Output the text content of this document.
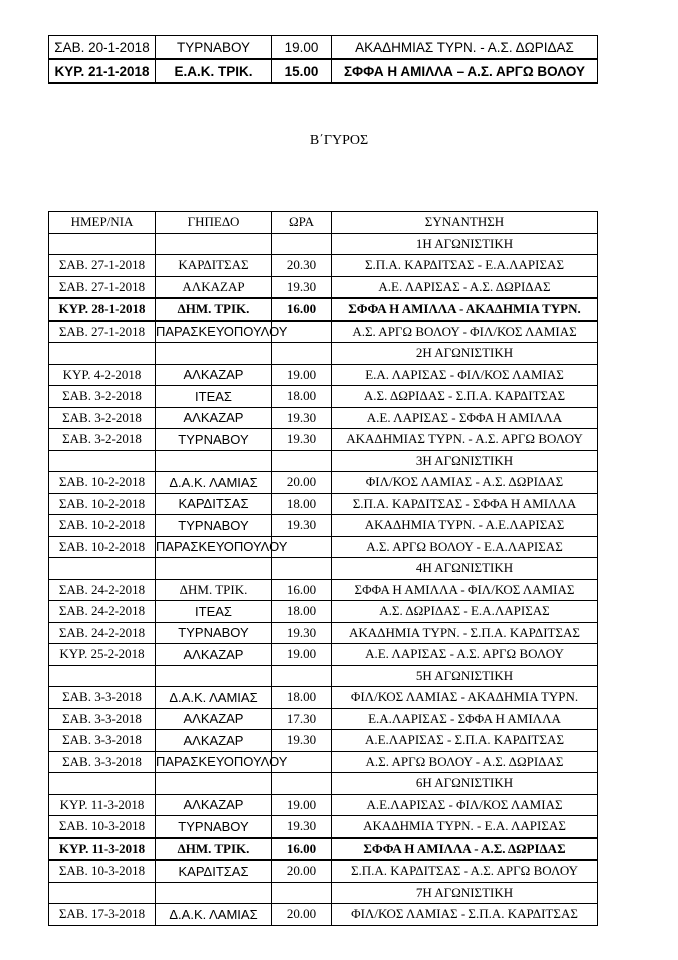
ΣΑΒ. 20-1-2018	ΤΥΡΝΑΒΟΥ	19.00	ΑΚΑΔΗΜΙΑΣ ΤΥΡΝ. - Α.Σ. ΔΩΡΙΔΑΣ
ΚΥΡ. 21-1-2018	Ε.Α.Κ. ΤΡΙΚ.	15.00	ΣΦΦΑ Η ΑΜΙΛΛΑ – Α.Σ. ΑΡΓΩ ΒΟΛΟΥ
Β΄ΓΥΡΟΣ
ΗΜΕΡ/ΝΙΑ	ΓΗΠΕΔΟ	ΩΡΑ	ΣΥΝΑΝΤΗΣΗ
			1Η ΑΓΩΝΙΣΤΙΚΗ
ΣΑΒ. 27-1-2018	ΚΑΡΔΙΤΣΑΣ	20.30	Σ.Π.Α. ΚΑΡΔΙΤΣΑΣ - Ε.Α.ΛΑΡΙΣΑΣ
ΣΑΒ. 27-1-2018	ΑΛΚΑΖΑΡ	19.30	Α.Ε. ΛΑΡΙΣΑΣ - Α.Σ. ΔΩΡΙΔΑΣ
ΚΥΡ. 28-1-2018	ΔΗΜ. ΤΡΙΚ.	16.00	ΣΦΦΑ Η ΑΜΙΛΛΑ - ΑΚΑΔΗΜΙΑ ΤΥΡΝ.
ΣΑΒ. 27-1-2018	ΠΑΡΑΣΚΕΥΟΠΟΥΛΟΥ		Α.Σ. ΑΡΓΩ ΒΟΛΟΥ - ΦΙΛ/ΚΟΣ ΛΑΜΙΑΣ
			2Η ΑΓΩΝΙΣΤΙΚΗ
ΚΥΡ. 4-2-2018	ΑΛΚΑΖΑΡ	19.00	Ε.Α. ΛΑΡΙΣΑΣ - ΦΙΛ/ΚΟΣ ΛΑΜΙΑΣ
ΣΑΒ. 3-2-2018	ΙΤΕΑΣ	18.00	Α.Σ. ΔΩΡΙΔΑΣ - Σ.Π.Α. ΚΑΡΔΙΤΣΑΣ
ΣΑΒ. 3-2-2018	ΑΛΚΑΖΑΡ	19.30	Α.Ε. ΛΑΡΙΣΑΣ - ΣΦΦΑ Η ΑΜΙΛΛΑ
ΣΑΒ. 3-2-2018	ΤΥΡΝΑΒΟΥ	19.30	ΑΚΑΔΗΜΙΑΣ ΤΥΡΝ. - Α.Σ. ΑΡΓΩ ΒΟΛΟΥ
			3Η ΑΓΩΝΙΣΤΙΚΗ
ΣΑΒ. 10-2-2018	Δ.Α.Κ. ΛΑΜΙΑΣ	20.00	ΦΙΛ/ΚΟΣ ΛΑΜΙΑΣ - Α.Σ. ΔΩΡΙΔΑΣ
ΣΑΒ. 10-2-2018	ΚΑΡΔΙΤΣΑΣ	18.00	Σ.Π.Α. ΚΑΡΔΙΤΣΑΣ - ΣΦΦΑ Η ΑΜΙΛΛΑ
ΣΑΒ. 10-2-2018	ΤΥΡΝΑΒΟΥ	19.30	ΑΚΑΔΗΜΙΑ ΤΥΡΝ. - Α.Ε.ΛΑΡΙΣΑΣ
ΣΑΒ. 10-2-2018	ΠΑΡΑΣΚΕΥΟΠΟΥΛΟΥ		Α.Σ. ΑΡΓΩ ΒΟΛΟΥ - Ε.Α.ΛΑΡΙΣΑΣ
			4Η ΑΓΩΝΙΣΤΙΚΗ
ΣΑΒ. 24-2-2018	ΔΗΜ. ΤΡΙΚ.	16.00	ΣΦΦΑ Η ΑΜΙΛΛΑ - ΦΙΛ/ΚΟΣ ΛΑΜΙΑΣ
ΣΑΒ. 24-2-2018	ΙΤΕΑΣ	18.00	Α.Σ. ΔΩΡΙΔΑΣ - Ε.Α.ΛΑΡΙΣΑΣ
ΣΑΒ. 24-2-2018	ΤΥΡΝΑΒΟΥ	19.30	ΑΚΑΔΗΜΙΑ ΤΥΡΝ. - Σ.Π.Α. ΚΑΡΔΙΤΣΑΣ
ΚΥΡ. 25-2-2018	ΑΛΚΑΖΑΡ	19.00	Α.Ε. ΛΑΡΙΣΑΣ - Α.Σ. ΑΡΓΩ ΒΟΛΟΥ
			5Η ΑΓΩΝΙΣΤΙΚΗ
ΣΑΒ. 3-3-2018	Δ.Α.Κ. ΛΑΜΙΑΣ	18.00	ΦΙΛ/ΚΟΣ ΛΑΜΙΑΣ - ΑΚΑΔΗΜΙΑ ΤΥΡΝ.
ΣΑΒ. 3-3-2018	ΑΛΚΑΖΑΡ	17.30	Ε.Α.ΛΑΡΙΣΑΣ - ΣΦΦΑ Η ΑΜΙΛΛΑ
ΣΑΒ. 3-3-2018	ΑΛΚΑΖΑΡ	19.30	Α.Ε.ΛΑΡΙΣΑΣ - Σ.Π.Α. ΚΑΡΔΙΤΣΑΣ
ΣΑΒ. 3-3-2018	ΠΑΡΑΣΚΕΥΟΠΟΥΛΟΥ		Α.Σ. ΑΡΓΩ ΒΟΛΟΥ - Α.Σ. ΔΩΡΙΔΑΣ
			6Η ΑΓΩΝΙΣΤΙΚΗ
ΚΥΡ. 11-3-2018	ΑΛΚΑΖΑΡ	19.00	Α.Ε.ΛΑΡΙΣΑΣ - ΦΙΛ/ΚΟΣ ΛΑΜΙΑΣ
ΣΑΒ. 10-3-2018	ΤΥΡΝΑΒΟΥ	19.30	ΑΚΑΔΗΜΙΑ ΤΥΡΝ. - Ε.Α. ΛΑΡΙΣΑΣ
ΚΥΡ. 11-3-2018	ΔΗΜ. ΤΡΙΚ.	16.00	ΣΦΦΑ Η ΑΜΙΛΛΑ - Α.Σ. ΔΩΡΙΔΑΣ
ΣΑΒ. 10-3-2018	ΚΑΡΔΙΤΣΑΣ	20.00	Σ.Π.Α. ΚΑΡΔΙΤΣΑΣ - Α.Σ. ΑΡΓΩ ΒΟΛΟΥ
			7Η ΑΓΩΝΙΣΤΙΚΗ
ΣΑΒ. 17-3-2018	Δ.Α.Κ. ΛΑΜΙΑΣ	20.00	ΦΙΛ/ΚΟΣ ΛΑΜΙΑΣ - Σ.Π.Α. ΚΑΡΔΙΤΣΑΣ
